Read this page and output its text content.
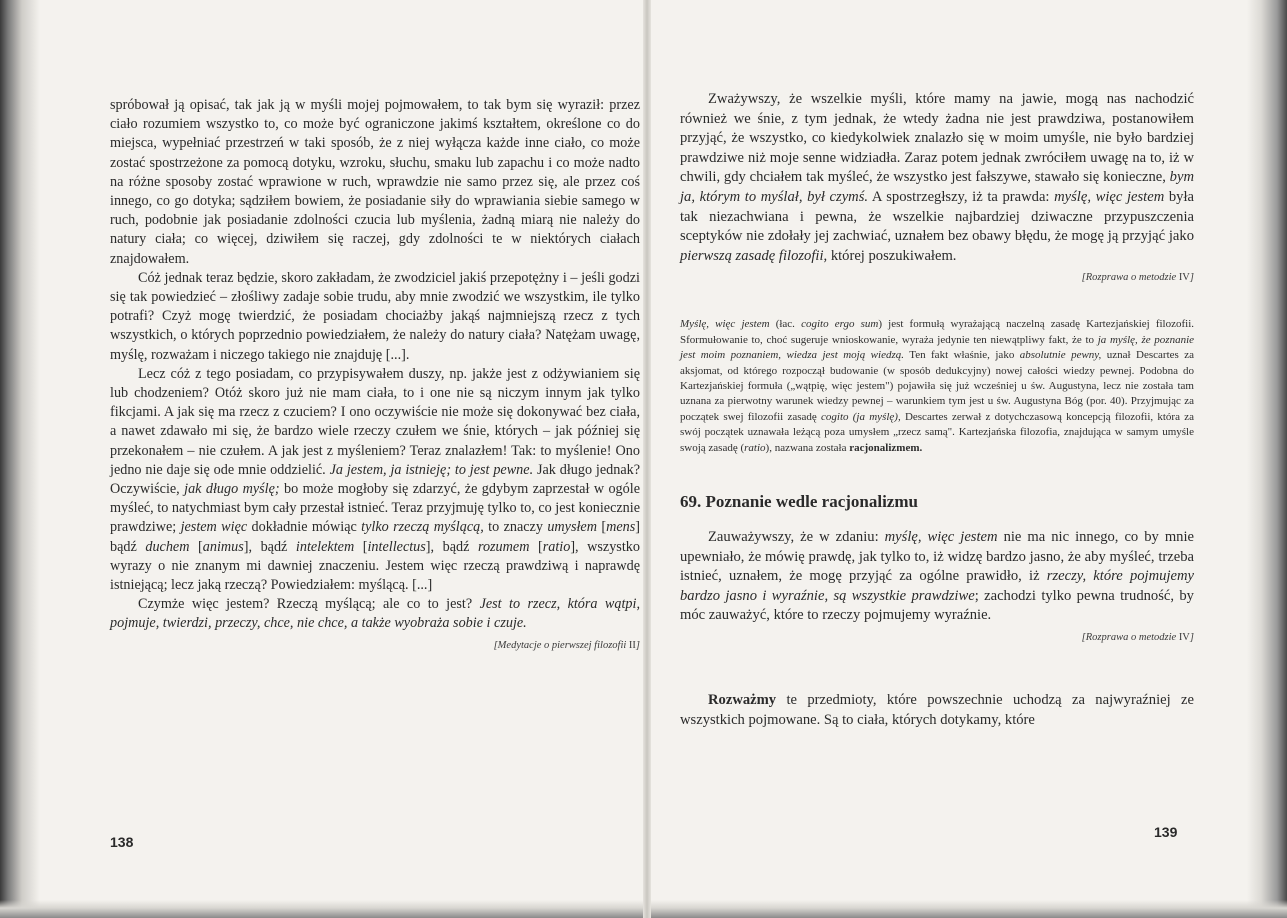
spróbował ją opisać, tak jak ją w myśli mojej pojmowałem, to tak bym się wyraził: przez ciało rozumiem wszystko to, co może być ograniczone jakimś kształtem, określone co do miejsca, wypełniać przestrzeń w taki sposób, że z niej wyłącza każde inne ciało, co może zostać spostrzeżone za pomocą dotyku, wzroku, słuchu, smaku lub zapachu i co może nadto na różne sposoby zostać wprawione w ruch, wprawdzie nie samo przez się, ale przez coś innego, co go dotyka; sądziłem bowiem, że posiadanie siły do wprawiania siebie samego w ruch, podobnie jak posiadanie zdolności czucia lub myślenia, żadną miarą nie należy do natury ciała; co więcej, dziwiłem się raczej, gdy zdolności te w niektórych ciałach znajdowałem.

Cóż jednak teraz będzie, skoro zakładam, że zwodziciel jakiś przepotężny i – jeśli godzi się tak powiedzieć – złośliwy zadaje sobie trudu, aby mnie zwodzić we wszystkim, ile tylko potrafi? Czyż mogę twierdzić, że posiadam chociażby jakąś najmniejszą rzecz z tych wszystkich, o których poprzednio powiedziałem, że należy do natury ciała? Natężam uwagę, myślę, rozważam i niczego takiego nie znajduję [...].

Lecz cóż z tego posiadam, co przypisywałem duszy, np. jakże jest z odżywianiem się lub chodzeniem? Otóż skoro już nie mam ciała, to i one nie są niczym innym jak tylko fikcjami. A jak się ma rzecz z czuciem? I ono oczywiście nie może się dokonywać bez ciała, a nawet zdawało mi się, że bardzo wiele rzeczy czułem we śnie, których – jak później się przekonałem – nie czułem. A jak jest z myśleniem? Teraz znalazłem! Tak: to myślenie! Ono jedno nie daje się ode mnie oddzielić. Ja jestem, ja istnieję; to jest pewne. Jak długo jednak? Oczywiście, jak długo myślę; bo może mogłoby się zdarzyć, że gdybym zaprzestał w ogóle myśleć, to natychmiast bym cały przestał istnieć. Teraz przyjmuję tylko to, co jest koniecznie prawdziwe; jestem więc dokładnie mówiąc tylko rzeczą myślącą, to znaczy umysłem [mens] bądź duchem [animus], bądź intelektem [intellectus], bądź rozumem [ratio], wszystko wyrazy o nie znanym mi dawniej znaczeniu. Jestem więc rzeczą prawdziwą i naprawdę istniejącą; lecz jaką rzeczą? Powiedziałem: myślącą. [...]

Czymże więc jestem? Rzeczą myślącą; ale co to jest? Jest to rzecz, która wątpi, pojmuje, twierdzi, przeczy, chce, nie chce, a także wyobraża sobie i czuje.

[Medytacje o pierwszej filozofii II]

138

Zważywszy, że wszelkie myśli, które mamy na jawie, mogą nas nachodzić również we śnie, z tym jednak, że wtedy żadna nie jest prawdziwa, postanowiłem przyjąć, że wszystko, co kiedykolwiek znalazło się w moim umyśle, nie było bardziej prawdziwe niż moje senne widziadła. Zaraz potem jednak zwróciłem uwagę na to, iż w chwili, gdy chciałem tak myśleć, że wszystko jest fałszywe, stawało się konieczne, bym ja, którym to myślał, był czymś. A spostrzegłszy, iż ta prawda: myślę, więc jestem była tak niezachwiana i pewna, że wszelkie najbardziej dziwaczne przypuszczenia sceptyków nie zdołały jej zachwiać, uznałem bez obawy błędu, że mogę ją przyjąć jako pierwszą zasadę filozofii, której poszukiwałem.

[Rozprawa o metodzie IV]

Myślę, więc jestem (łac. cogito ergo sum) jest formułą wyrażającą naczelną zasadę Kartezjańskiej filozofii. Sformułowanie to, choć sugeruje wnioskowanie, wyraża jedynie ten niewątpliwy fakt, że to ja myślę, że poznanie jest moim poznaniem, wiedza jest moją wiedzą. Ten fakt właśnie, jako absolutnie pewny, uznał Descartes za aksjomat, od którego rozpoczął budowanie (w sposób dedukcyjny) nowej całości wiedzy pewnej. Podobna do Kartezjańskiej formuła („wątpię, więc jestem") pojawiła się już wcześniej u św. Augustyna, lecz nie została tam uznana za pierwotny warunek wiedzy pewnej – warunkiem tym jest u św. Augustyna Bóg (por. 40). Przyjmując za początek swej filozofii zasadę cogito (ja myślę), Descartes zerwał z dotychczasową koncepcją filozofii, która za swój początek uznawała leżącą poza umysłem „rzecz samą". Kartezjańska filozofia, znajdująca w samym umyśle swoją zasadę (ratio), nazwana została racjonalizmem.

69. Poznanie wedle racjonalizmu

Zauważywszy, że w zdaniu: myślę, więc jestem nie ma nic innego, co by mnie upewniało, że mówię prawdę, jak tylko to, iż widzę bardzo jasno, że aby myśleć, trzeba istnieć, uznałem, że mogę przyjąć za ogólne prawidło, iż rzeczy, które pojmujemy bardzo jasno i wyraźnie, są wszystkie prawdziwe; zachodzi tylko pewna trudność, by móc zauważyć, które to rzeczy pojmujemy wyraźnie.

[Rozprawa o metodzie IV]

Rozważmy te przedmioty, które powszechnie uchodzą za najwyraźniej ze wszystkich pojmowane. Są to ciała, których dotykamy, które

139
